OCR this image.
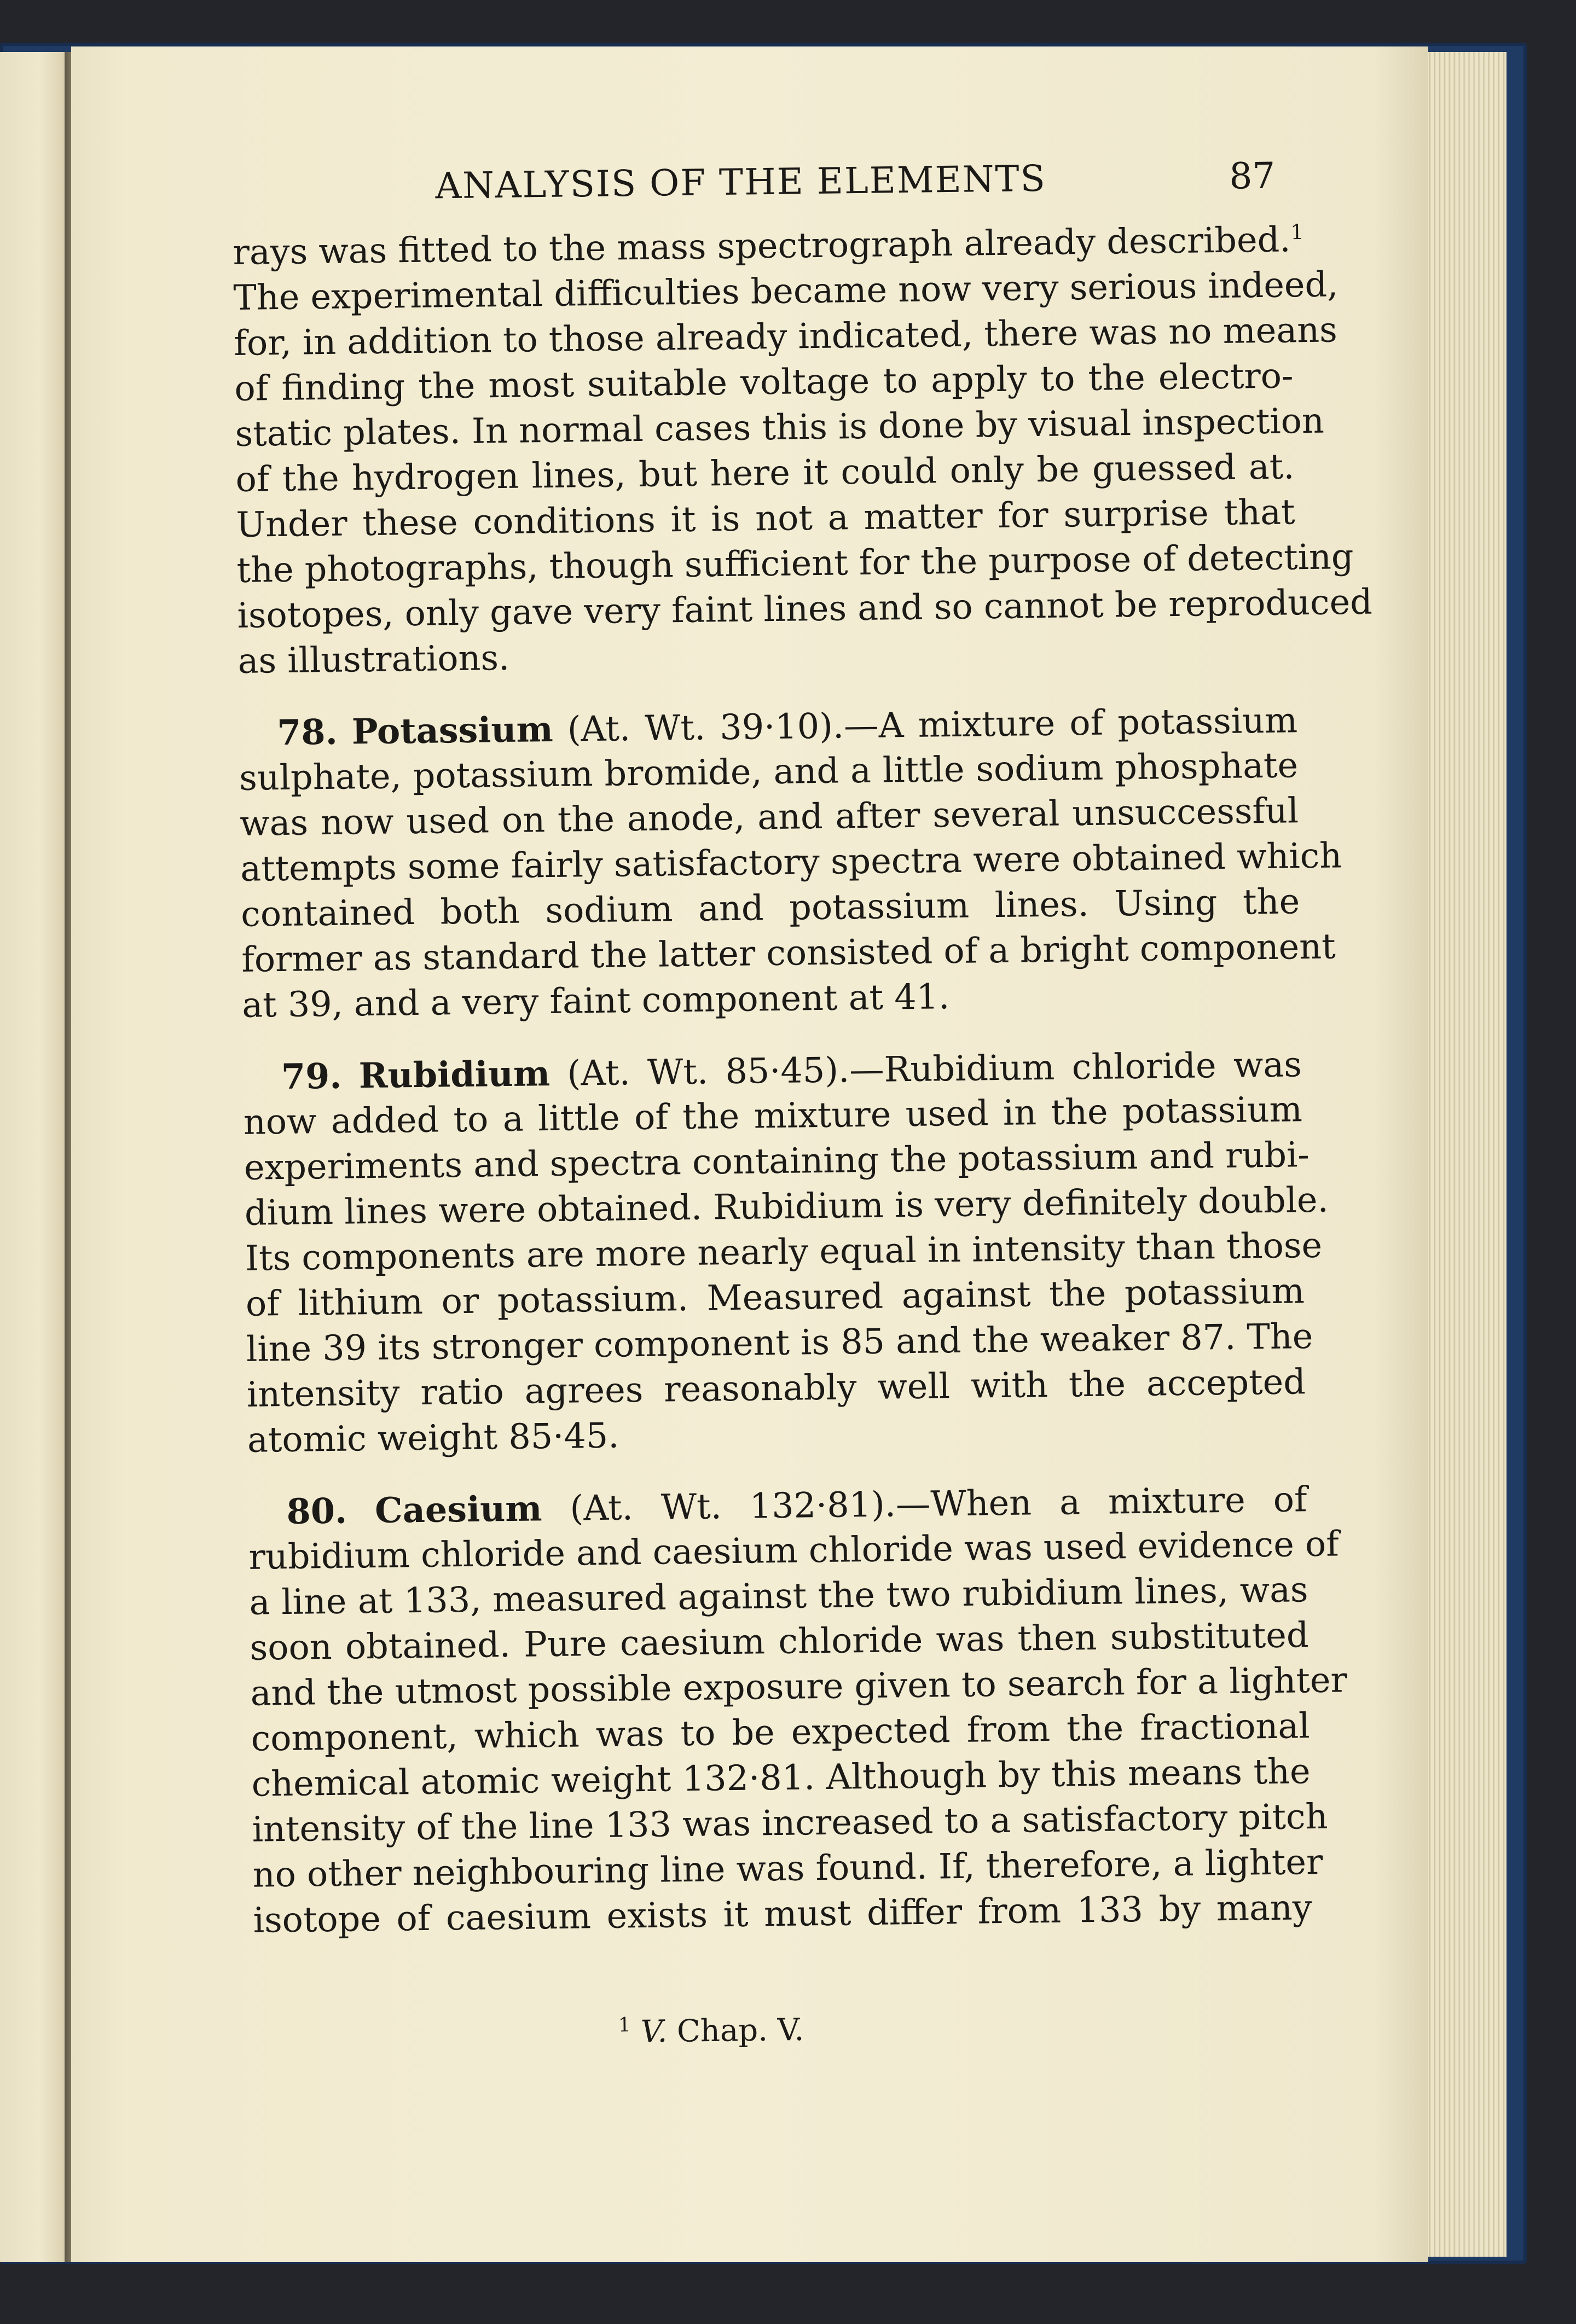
ANALYSIS OF THE ELEMENTS	87
rays was fitted to the mass spectrograph already described.$^1$
The experimental difficulties became now very serious indeed,
for, in addition to those already indicated, there was no means
of finding the most suitable voltage to apply to the electro-
static plates. In normal cases this is done by visual inspection
of the hydrogen lines, but here it could only be guessed at.
Under these conditions it is not a matter for surprise that
the photographs, though sufficient for the purpose of detecting
isotopes, only gave very faint lines and so cannot be reproduced
as illustrations.
78. Potassium (At. Wt. 39·10).—A mixture of potassium
sulphate, potassium bromide, and a little sodium phosphate
was now used on the anode, and after several unsuccessful
attempts some fairly satisfactory spectra were obtained which
contained both sodium and potassium lines. Using the
former as standard the latter consisted of a bright component
at 39, and a very faint component at 41.
79. Rubidium (At. Wt. 85·45).—Rubidium chloride was
now added to a little of the mixture used in the potassium
experiments and spectra containing the potassium and rubi-
dium lines were obtained. Rubidium is very definitely double.
Its components are more nearly equal in intensity than those
of lithium or potassium. Measured against the potassium
line 39 its stronger component is 85 and the weaker 87. The
intensity ratio agrees reasonably well with the accepted
atomic weight 85·45.
80. Caesium (At. Wt. 132·81).—When a mixture of
rubidium chloride and caesium chloride was used evidence of
a line at 133, measured against the two rubidium lines, was
soon obtained. Pure caesium chloride was then substituted
and the utmost possible exposure given to search for a lighter
component, which was to be expected from the fractional
chemical atomic weight 132·81. Although by this means the
intensity of the line 133 was increased to a satisfactory pitch
no other neighbouring line was found. If, therefore, a lighter
isotope of caesium exists it must differ from 133 by many
$^1$ V. Chap. V.
